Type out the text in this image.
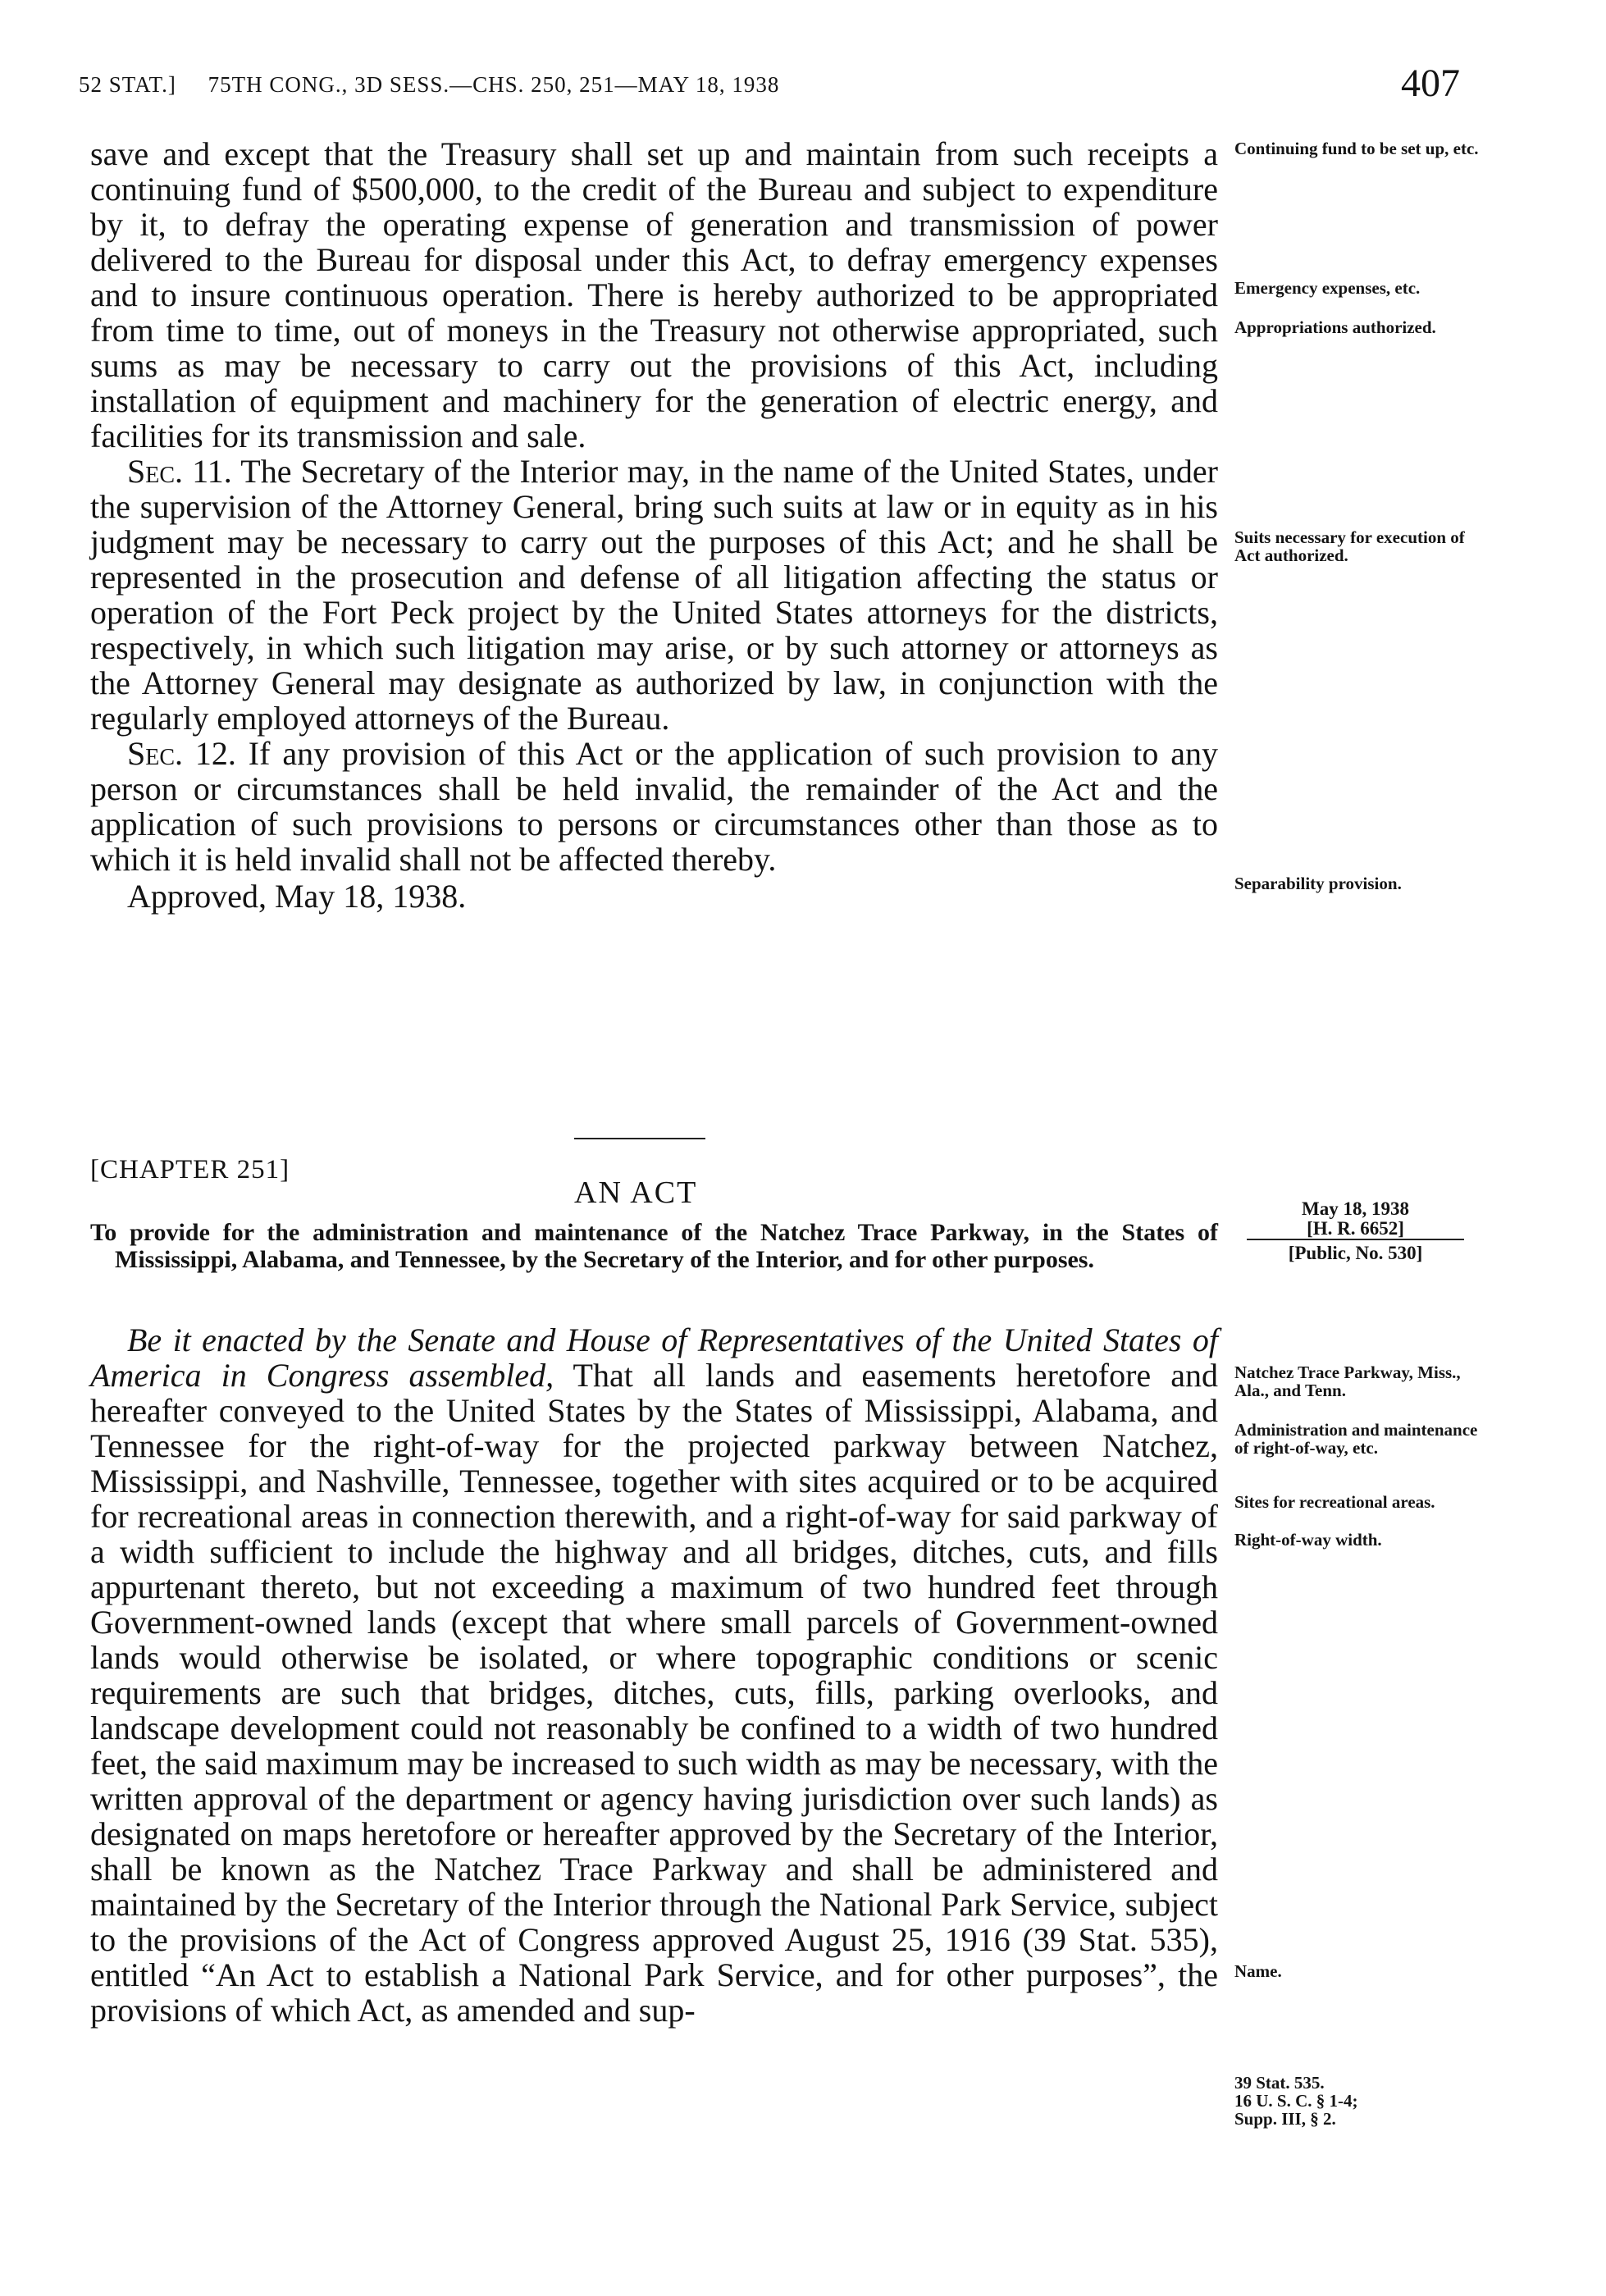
52 STAT.]     75TH CONG., 3D SESS.—CHS. 250, 251—MAY 18, 1938	407

save and except that the Treasury shall set up and maintain from such receipts a continuing fund of $500,000, to the credit of the Bureau and subject to expenditure by it, to defray the operating expense of generation and transmission of power delivered to the Bureau for disposal under this Act, to defray emergency expenses and to insure continuous operation. There is hereby authorized to be appropriated from time to time, out of moneys in the Treasury not otherwise appropriated, such sums as may be necessary to carry out the provisions of this Act, including installation of equipment and machinery for the generation of electric energy, and facilities for its transmission and sale.

Sec. 11. The Secretary of the Interior may, in the name of the United States, under the supervision of the Attorney General, bring such suits at law or in equity as in his judgment may be necessary to carry out the purposes of this Act; and he shall be represented in the prosecution and defense of all litigation affecting the status or operation of the Fort Peck project by the United States attorneys for the districts, respectively, in which such litigation may arise, or by such attorney or attorneys as the Attorney General may designate as authorized by law, in conjunction with the regularly employed attorneys of the Bureau.

Sec. 12. If any provision of this Act or the application of such provision to any person or circumstances shall be held invalid, the remainder of the Act and the application of such provisions to persons or circumstances other than those as to which it is held invalid shall not be affected thereby.

Approved, May 18, 1938.

Continuing fund to be set up, etc.

Emergency expenses, etc.

Appropriations authorized.

Suits necessary for execution of Act authorized.

Separability provision.

[CHAPTER 251]
AN ACT	May 18, 1938
[H. R. 6652]
[Public, No. 530]

To provide for the administration and maintenance of the Natchez Trace Parkway, in the States of Mississippi, Alabama, and Tennessee, by the Secretary of the Interior, and for other purposes.

Be it enacted by the Senate and House of Representatives of the United States of America in Congress assembled, That all lands and easements heretofore and hereafter conveyed to the United States by the States of Mississippi, Alabama, and Tennessee for the right-of-way for the projected parkway between Natchez, Mississippi, and Nashville, Tennessee, together with sites acquired or to be acquired for recreational areas in connection therewith, and a right-of-way for said parkway of a width sufficient to include the highway and all bridges, ditches, cuts, and fills appurtenant thereto, but not exceeding a maximum of two hundred feet through Government-owned lands (except that where small parcels of Government-owned lands would otherwise be isolated, or where topographic conditions or scenic requirements are such that bridges, ditches, cuts, fills, parking overlooks, and landscape development could not reasonably be confined to a width of two hundred feet, the said maximum may be increased to such width as may be necessary, with the written approval of the department or agency having jurisdiction over such lands) as designated on maps heretofore or hereafter approved by the Secretary of the Interior, shall be known as the Natchez Trace Parkway and shall be administered and maintained by the Secretary of the Interior through the National Park Service, subject to the provisions of the Act of Congress approved August 25, 1916 (39 Stat. 535), entitled “An Act to establish a National Park Service, and for other purposes”, the provisions of which Act, as amended and sup-

Natchez Trace Parkway, Miss., Ala., and Tenn.

Administration and maintenance of right-of-way, etc.

Sites for recreational areas.

Right-of-way width.

Name.

39 Stat. 535.

16 U. S. C. § 1-4;

Supp. III, § 2.
